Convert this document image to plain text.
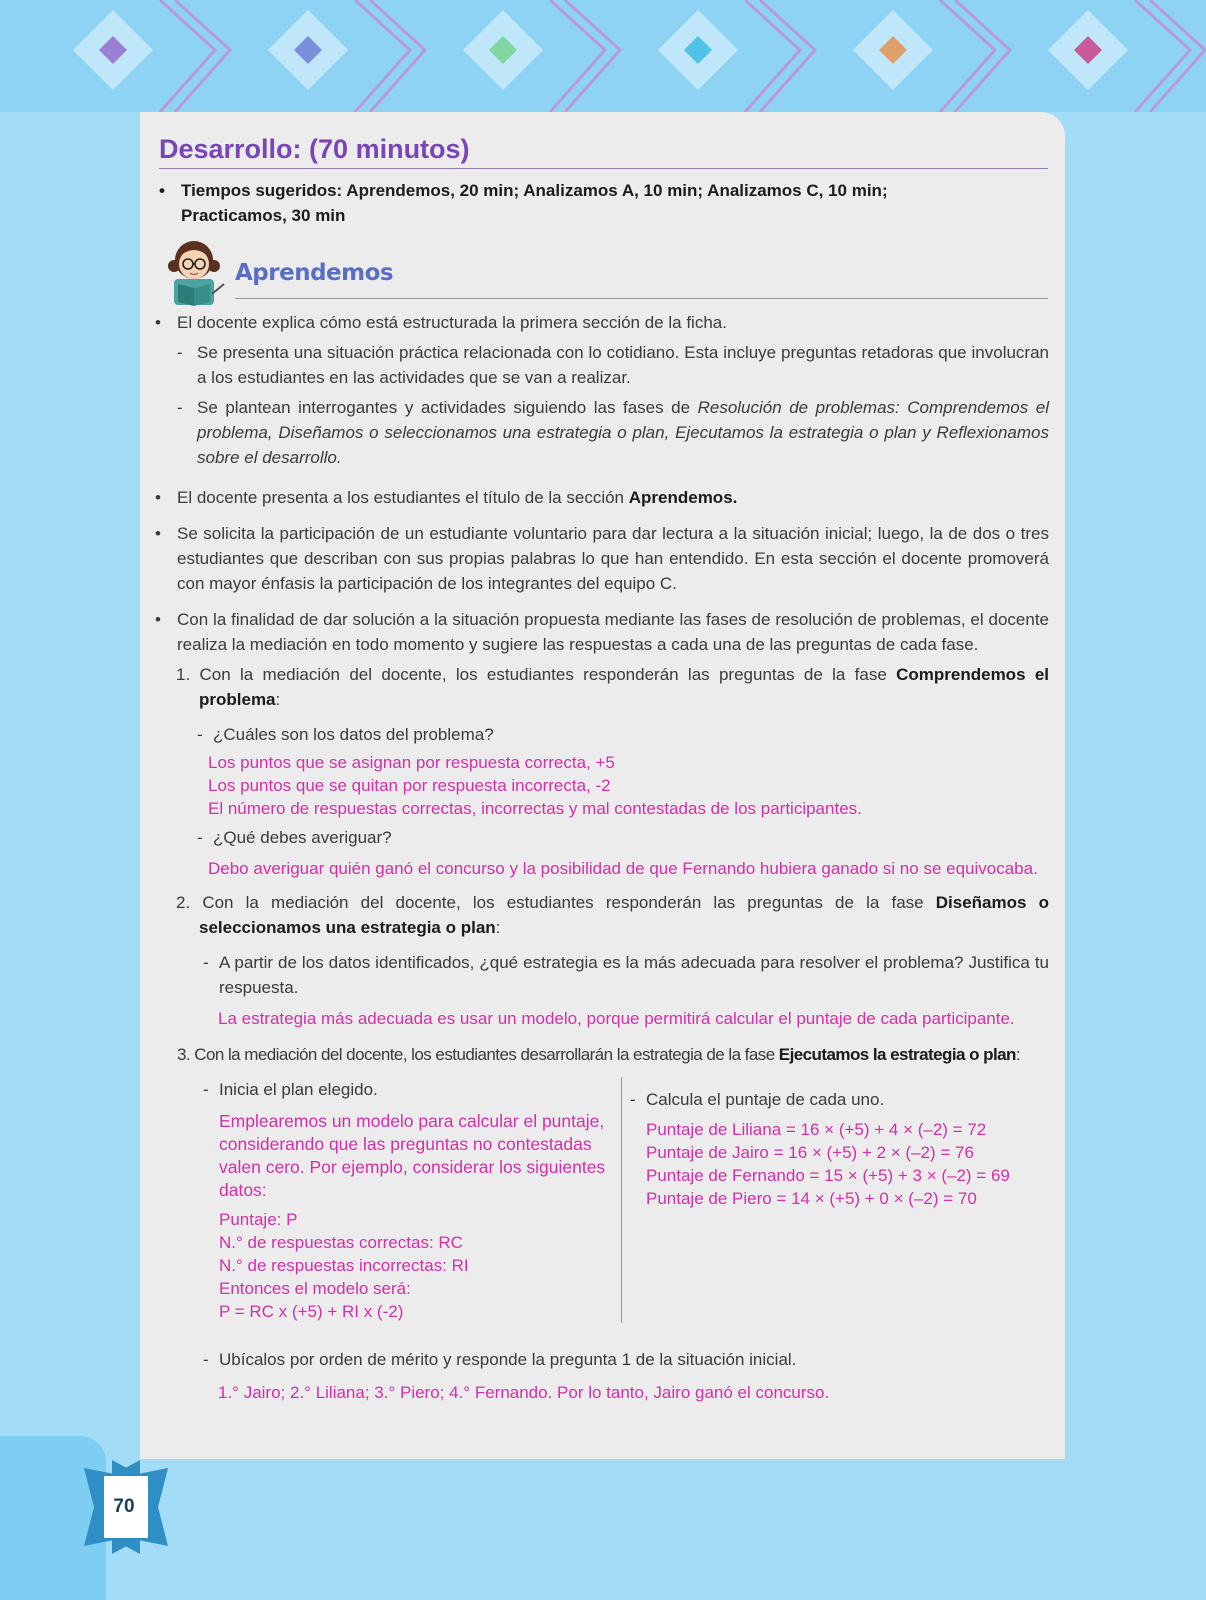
70
Desarrollo: (70 minutos)
• Tiempos sugeridos: Aprendemos, 20 min; Analizamos A, 10 min; Analizamos C, 10 min; Practicamos, 30 min
Aprendemos
• El docente explica cómo está estructurada la primera sección de la ficha.
- Se presenta una situación práctica relacionada con lo cotidiano. Esta incluye preguntas retadoras que involucran a los estudiantes en las actividades que se van a realizar.
- Se plantean interrogantes y actividades siguiendo las fases de Resolución de problemas: Comprendemos el problema, Diseñamos o seleccionamos una estrategia o plan, Ejecutamos la estrategia o plan y Reflexionamos sobre el desarrollo.
• El docente presenta a los estudiantes el título de la sección Aprendemos.
• Se solicita la participación de un estudiante voluntario para dar lectura a la situación inicial; luego, la de dos o tres estudiantes que describan con sus propias palabras lo que han entendido. En esta sección el docente promoverá con mayor énfasis la participación de los integrantes del equipo C.
• Con la finalidad de dar solución a la situación propuesta mediante las fases de resolución de problemas, el docente realiza la mediación en todo momento y sugiere las respuestas a cada una de las preguntas de cada fase.
1. Con la mediación del docente, los estudiantes responderán las preguntas de la fase Comprendemos el problema:
- ¿Cuáles son los datos del problema?
Los puntos que se asignan por respuesta correcta, +5
Los puntos que se quitan por respuesta incorrecta, -2
El número de respuestas correctas, incorrectas y mal contestadas de los participantes.
- ¿Qué debes averiguar?
Debo averiguar quién ganó el concurso y la posibilidad de que Fernando hubiera ganado si no se equivocaba.
2. Con la mediación del docente, los estudiantes responderán las preguntas de la fase Diseñamos o seleccionamos una estrategia o plan:
- A partir de los datos identificados, ¿qué estrategia es la más adecuada para resolver el problema? Justifica tu respuesta.
La estrategia más adecuada es usar un modelo, porque permitirá calcular el puntaje de cada participante.
3. Con la mediación del docente, los estudiantes desarrollarán la estrategia de la fase Ejecutamos la estrategia o plan:
- Inicia el plan elegido.
Emplearemos un modelo para calcular el puntaje, considerando que las preguntas no contestadas valen cero. Por ejemplo, considerar los siguientes datos:
Puntaje: P
N.° de respuestas correctas: RC
N.° de respuestas incorrectas: RI
Entonces el modelo será:
P = RC x (+5) + RI x (-2)
- Calcula el puntaje de cada uno.
Puntaje de Liliana = 16 × (+5) + 4 × (–2) = 72
Puntaje de Jairo = 16 × (+5) + 2 × (–2) = 76
Puntaje de Fernando = 15 × (+5) + 3 × (–2) = 69
Puntaje de Piero = 14 × (+5) + 0 × (–2) = 70
- Ubícalos por orden de mérito y responde la pregunta 1 de la situación inicial.
1.° Jairo; 2.° Liliana; 3.° Piero; 4.° Fernando. Por lo tanto, Jairo ganó el concurso.
